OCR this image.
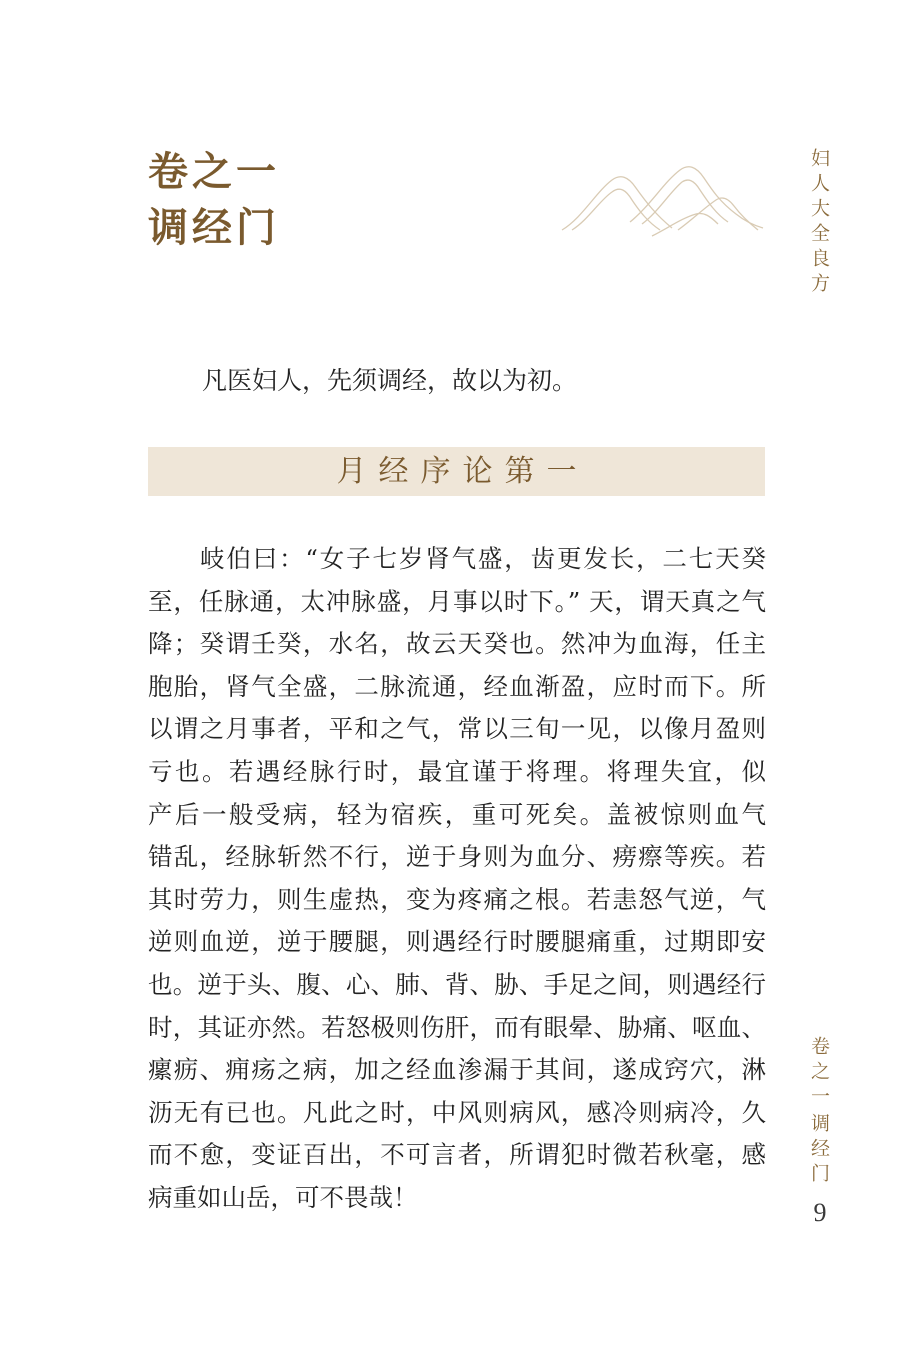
卷之一
调经门	妇人大全良方
凡医妇人，先须调经，故以为初。
月经序论第一
岐伯曰：“女子七岁肾气盛，齿更发长，二七天癸
至，任脉通，太冲脉盛，月事以时下。” 天，谓天真之气
降；癸谓壬癸，水名，故云天癸也。然冲为血海，任主
胞胎，肾气全盛，二脉流通，经血渐盈，应时而下。所
以谓之月事者，平和之气，常以三旬一见，以像月盈则
亏也。若遇经脉行时，最宜谨于将理。将理失宜，似
产后一般受病，轻为宿疾，重可死矣。盖被惊则血气
错乱，经脉斩然不行，逆于身则为血分、痨瘵等疾。若
其时劳力，则生虚热，变为疼痛之根。若恚怒气逆，气
逆则血逆，逆于腰腿，则遇经行时腰腿痛重，过期即安
也。逆于头、腹、心、肺、背、胁、手足之间，则遇经行
时，其证亦然。若怒极则伤肝，而有眼晕、胁痛、呕血、
瘰疬、痈疡之病，加之经血渗漏于其间，遂成窍穴，淋
沥无有已也。凡此之时，中风则病风，感冷则病冷，久
而不愈，变证百出，不可言者，所谓犯时微若秋毫，感
病重如山岳，可不畏哉！
卷之一
调经门
9
